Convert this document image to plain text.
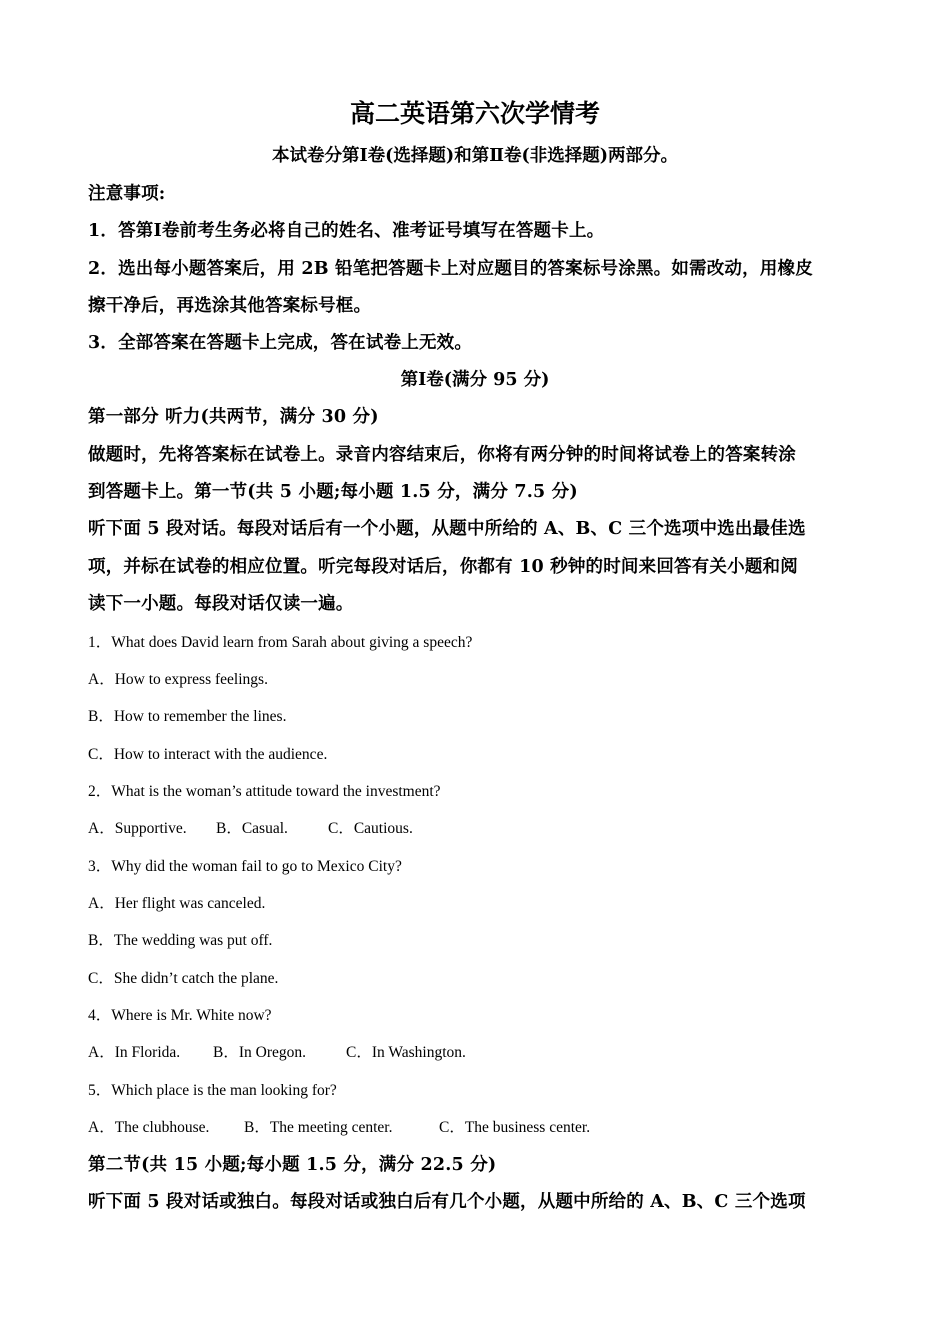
高二英语第六次学情考
本试卷分第Ⅰ卷(选择题)和第Ⅱ卷(非选择题)两部分。
注意事项:
1．答第Ⅰ卷前考生务必将自己的姓名、准考证号填写在答题卡上。
2．选出每小题答案后，用 2B 铅笔把答题卡上对应题目的答案标号涂黑。如需改动，用橡皮
擦干净后，再选涂其他答案标号框。
3．全部答案在答题卡上完成，答在试卷上无效。
第Ⅰ卷(满分 95 分)
第一部分 听力(共两节，满分 30 分)
做题时，先将答案标在试卷上。录音内容结束后，你将有两分钟的时间将试卷上的答案转涂
到答题卡上。第一节(共 5 小题;每小题 1.5 分，满分 7.5 分)
听下面 5 段对话。每段对话后有一个小题，从题中所给的 A、B、C 三个选项中选出最佳选
项，并标在试卷的相应位置。听完每段对话后，你都有 10 秒钟的时间来回答有关小题和阅
读下一小题。每段对话仅读一遍。
1．What does David learn from Sarah about giving a speech?
A．How to express feelings.
B．How to remember the lines.
C．How to interact with the audience.
2．What is the woman’s attitude toward the investment?
A．Supportive. B．Casual.	C．Cautious.
3．Why did the woman fail to go to Mexico City?
A．Her flight was canceled.
B．The wedding was put off.
C．She didn’t catch the plane.
4．Where is Mr. White now?
A．In Florida. B．In Oregon.	C．In Washington.
5．Which place is the man looking for?
A．The clubhouse. B．The meeting center.	C．The business center.
第二节(共 15 小题;每小题 1.5 分，满分 22.5 分)
听下面 5 段对话或独白。每段对话或独白后有几个小题，从题中所给的 A、B、C 三个选项
